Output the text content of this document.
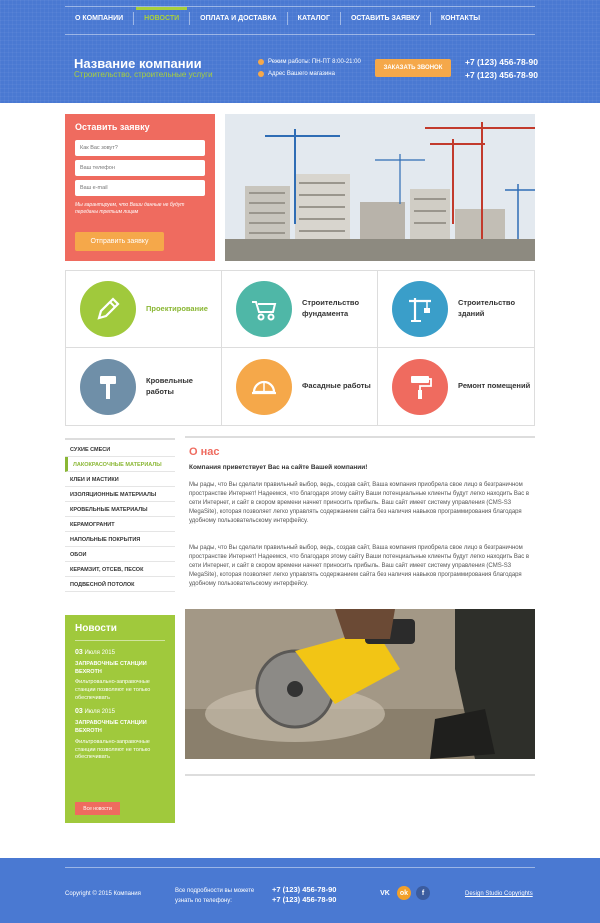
О КОМПАНИИ	НОВОСТИ	ОПЛАТА И ДОСТАВКА	КАТАЛОГ	ОСТАВИТЬ ЗАЯВКУ	КОНТАКТЫ
Название компании
Строительство, строительные услуги
Режим работы: ПН-ПТ 8:00-21:00
Адрес Вашего магазина
ЗАКАЗАТЬ ЗВОНОК
+7 (123) 456-78-90
+7 (123) 456-78-90
Оставить заявку
Как Вас зовут?
Ваш телефон
Ваш e-mail
Мы гарантируем, что Ваши данные не будут переданы третьим лицам
Отправить заявку
Проектирование
Строительство фундамента
Строительство зданий
Кровельные работы
Фасадные работы	Ремонт помещений
СУХИЕ СМЕСИ
ЛАКОКРАСОЧНЫЕ МАТЕРИАЛЫ
КЛЕИ И МАСТИКИ
ИЗОЛЯЦИОННЫЕ МАТЕРИАЛЫ
КРОВЕЛЬНЫЕ МАТЕРИАЛЫ
КЕРАМОГРАНИТ
НАПОЛЬНЫЕ ПОКРЫТИЯ
ОБОИ
КЕРАМЗИТ, ОТСЕВ, ПЕСОК
ПОДВЕСНОЙ ПОТОЛОК
Новости
03 Июля 2015
ЗАПРАВОЧНЫЕ СТАНЦИИ BEXROTH
Фильтровально-заправочные станции позволяют не только обеспечивать
03 Июля 2015
ЗАПРАВОЧНЫЕ СТАНЦИИ BEXROTH
Фильтровально-заправочные станции позволяют не только обеспечивать
Все новости
О нас
Компания приветствует Вас на сайте Вашей компании!
Мы рады, что Вы сделали правильный выбор, ведь, создав сайт, Ваша компания приобрела свое лицо в безграничном пространстве Интернет! Надеемся, что благодаря этому сайту Ваши потенциальные клиенты будут легко находить Вас в сети Интернет, и сайт в скором времени начнет приносить прибыль. Ваш сайт имеет систему управления (CMS-S3 MegaSite), которая позволяет легко управлять содержанием сайта без наличия навыков программирования благодаря удобному пользовательскому интерфейсу.
Мы рады, что Вы сделали правильный выбор, ведь, создав сайт, Ваша компания приобрела свое лицо в безграничном пространстве Интернет! Надеемся, что благодаря этому сайту Ваши потенциальные клиенты будут легко находить Вас в сети Интернет, и сайт в скором времени начнет приносить прибыль. Ваш сайт имеет систему управления (CMS-S3 MegaSite), которая позволяет легко управлять содержанием сайта без наличия навыков программирования благодаря удобному пользовательскому интерфейсу.
Copyright © 2015 Компания	Все подробности вы можете
узнать по телефону:
+7 (123) 456-78-90
+7 (123) 456-78-90
VK	ok	f	Design Studio Copyrights
